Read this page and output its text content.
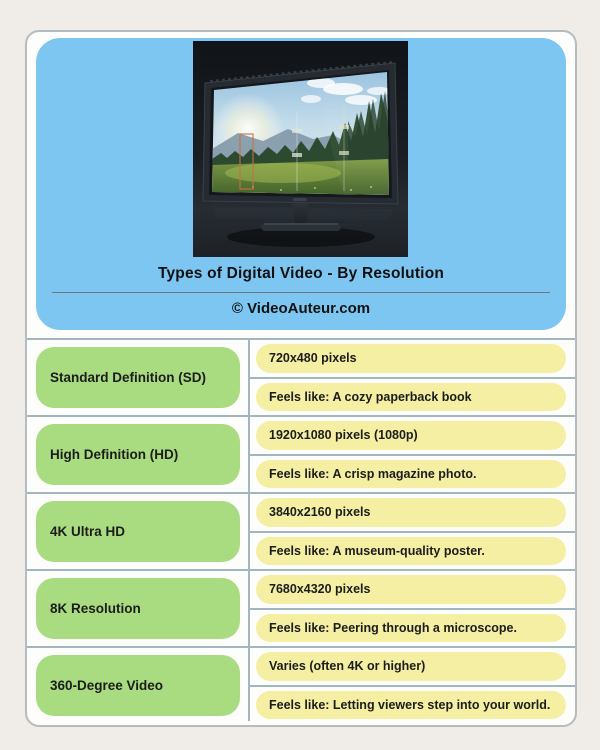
Types of Digital Video - By Resolution
© VideoAuteur.com
Standard Definition (SD)
720x480 pixels
Feels like: A cozy paperback book
High Definition (HD)
1920x1080 pixels (1080p)
Feels like: A crisp magazine photo.
4K Ultra HD
3840x2160 pixels
Feels like: A museum-quality poster.
8K Resolution
7680x4320 pixels
Feels like: Peering through a microscope.
360-Degree Video
Varies (often 4K or higher)
Feels like: Letting viewers step into your world.
